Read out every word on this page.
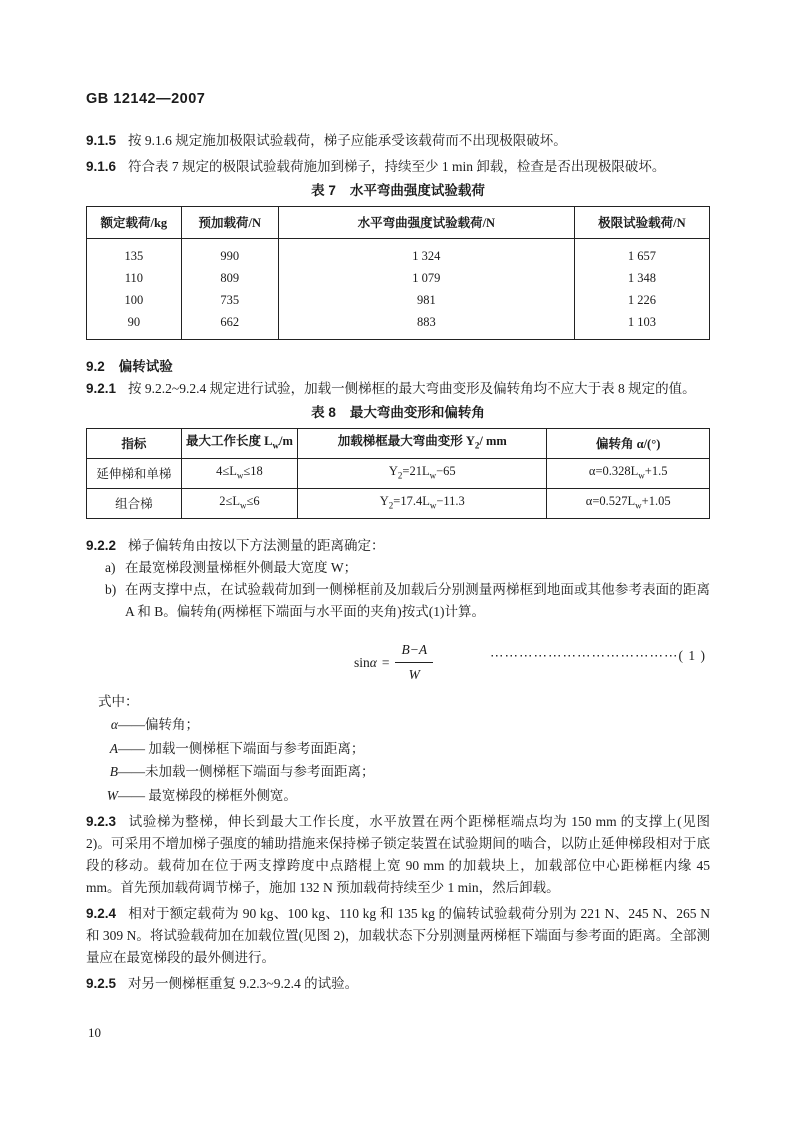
GB 12142—2007
9.1.5 按 9.1.6 规定施加极限试验载荷，梯子应能承受该载荷而不出现极限破坏。
9.1.6 符合表 7 规定的极限试验载荷施加到梯子，持续至少 1 min 卸载，检查是否出现极限破坏。
表 7 水平弯曲强度试验载荷
额定载荷/kg	预加载荷/N	水平弯曲强度试验载荷/N	极限试验载荷/N
135	990	1 324	1 657
110	809	1 079	1 348
100	735	981	1 226
90	662	883	1 103
9.2 偏转试验
9.2.1 按 9.2.2~9.2.4 规定进行试验，加载一侧梯框的最大弯曲变形及偏转角均不应大于表 8 规定的值。
表 8 最大弯曲变形和偏转角
指标	最大工作长度 $L_w/m$	加载梯框最大弯曲变形 $Y_2/$ mm	偏转角 α/(°)
延伸梯和单梯	$4\le L_w\le 18$	$Y_2=21L_w-65$	$\alpha=0.328L_w+1.5$
组合梯	$2\le L_w\le 6$	$Y_2=17.4L_w-11.3$	$\alpha=0.527L_w+1.05$
9.2.2 梯子偏转角由按以下方法测量的距离确定：
a) 在最宽梯段测量梯框外侧最大宽度 W；
b) 在两支撑中点，在试验载荷加到一侧梯框前及加载后分别测量两梯框到地面或其他参考表面的距离 A 和 B。偏转角(两梯框下端面与水平面的夹角)按式(1)计算。
$\sin \alpha = \frac{B-A}{W}$	⋯⋯⋯⋯⋯⋯⋯⋯⋯⋯⋯⋯⋯( 1 )
式中：
α ——偏转角；
A —— 加载一侧梯框下端面与参考面距离；
B ——未加载一侧梯框下端面与参考面距离；
W —— 最宽梯段的梯框外侧宽。
9.2.3 试验梯为整梯，伸长到最大工作长度，水平放置在两个距梯框端点均为 150 mm 的支撑上(见图 2)。可采用不增加梯子强度的辅助措施来保持梯子锁定装置在试验期间的啮合，以防止延伸梯段相对于底段的移动。载荷加在位于两支撑跨度中点踏棍上宽 90 mm 的加载块上，加载部位中心距梯框内缘 45 mm。首先预加载荷调节梯子，施加 132 N 预加载荷持续至少 1 min，然后卸载。
9.2.4 相对于额定载荷为 90 kg、100 kg、110 kg 和 135 kg 的偏转试验载荷分别为 221 N、245 N、265 N 和 309 N。将试验载荷加在加载位置(见图 2)，加载状态下分别测量两梯框下端面与参考面的距离。全部测量应在最宽梯段的最外侧进行。
9.2.5 对另一侧梯框重复 9.2.3~9.2.4 的试验。
10
